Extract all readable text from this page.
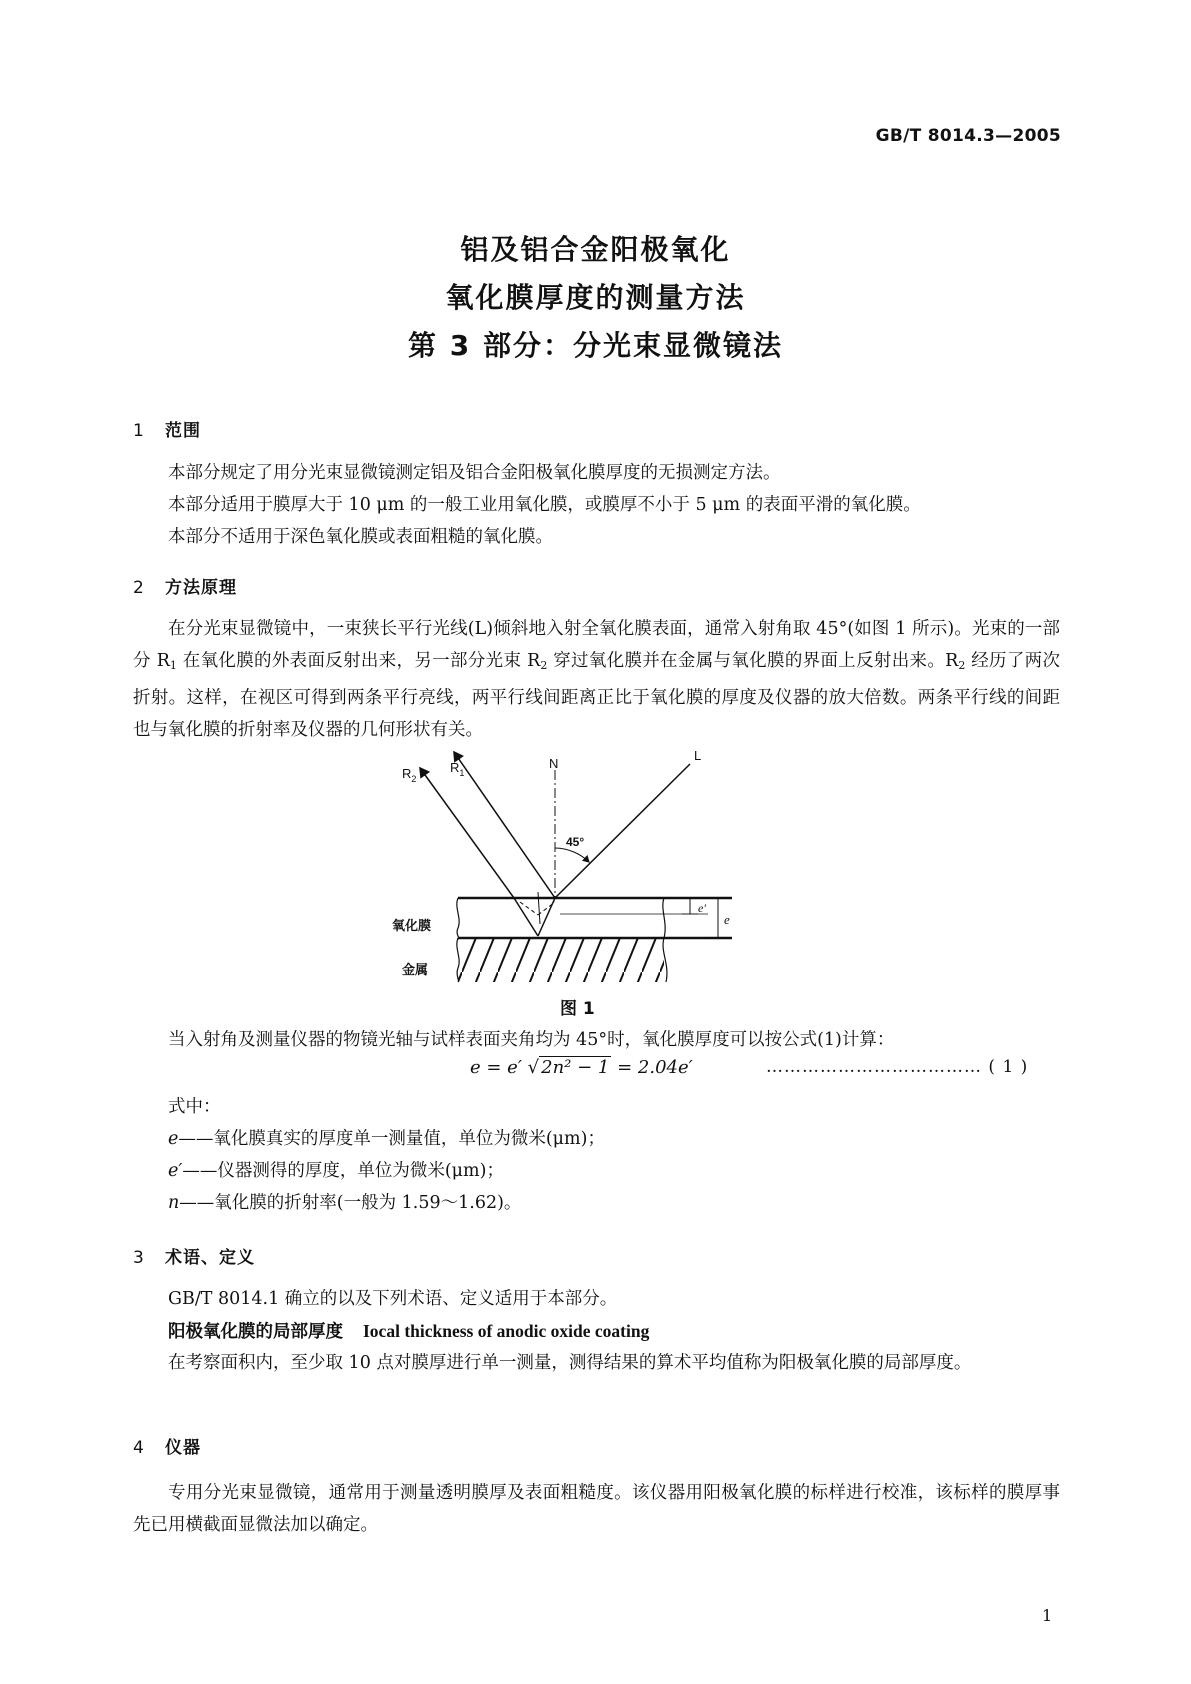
GB/T 8014.3—2005
铝及铝合金阳极氧化
氧化膜厚度的测量方法
第 3 部分：分光束显微镜法
1 范围
本部分规定了用分光束显微镜测定铝及铝合金阳极氧化膜厚度的无损测定方法。
本部分适用于膜厚大于 10 μm 的一般工业用氧化膜，或膜厚不小于 5 μm 的表面平滑的氧化膜。
本部分不适用于深色氧化膜或表面粗糙的氧化膜。
2 方法原理
在分光束显微镜中，一束狭长平行光线(L)倾斜地入射全氧化膜表面，通常入射角取 45°(如图 1 所示)。光束的一部分 $R_1$ 在氧化膜的外表面反射出来，另一部分光束 $R_2$ 穿过氧化膜并在金属与氧化膜的界面上反射出来。$R_2$ 经历了两次折射。这样，在视区可得到两条平行亮线，两平行线间距离正比于氧化膜的厚度及仪器的放大倍数。两条平行线的间距也与氧化膜的折射率及仪器的几何形状有关。
$R_2$
$R_1$
N
L
45°
e′
e
氧化膜
金属
图 1
当入射角及测量仪器的物镜光轴与试样表面夹角均为 45°时，氧化膜厚度可以按公式(1)计算：
e = e′ √ 2n² − 1 = 2.04e′	……………………………… ( 1 )
式中：
e——氧化膜真实的厚度单一测量值，单位为微米(μm)；
e′——仪器测得的厚度，单位为微米(μm)；
n——氧化膜的折射率(一般为 1.59～1.62)。
3 术语、定义
GB/T 8014.1 确立的以及下列术语、定义适用于本部分。
阳极氧化膜的局部厚度 Iocal thickness of anodic oxide coating
在考察面积内，至少取 10 点对膜厚进行单一测量，测得结果的算术平均值称为阳极氧化膜的局部厚度。
4 仪器
专用分光束显微镜，通常用于测量透明膜厚及表面粗糙度。该仪器用阳极氧化膜的标样进行校准，该标样的膜厚事先已用横截面显微法加以确定。
1
